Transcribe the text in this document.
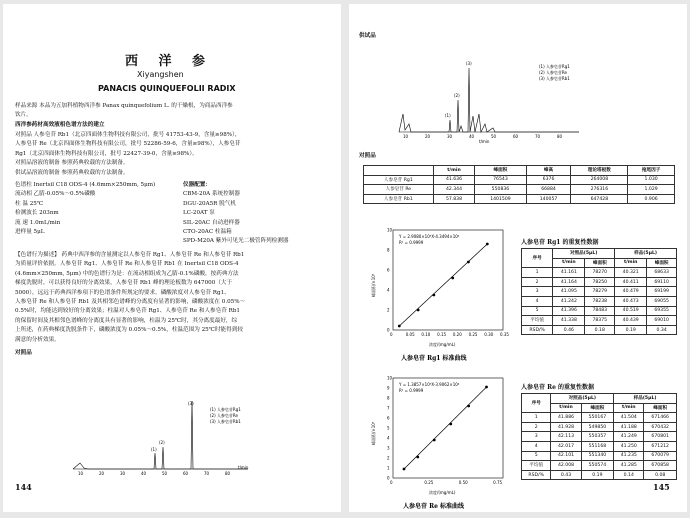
西 洋 参
Xiyangshen
PANACIS QUINQUEFOLII RADIX
样品来源 本品为五加科植物西洋参 Panax quinquefolium L. 的干燥根，为商品西洋参
饮片。
西洋参药材高效液相色谱方法的建立
对照品 人参皂苷 Rb1（北京四面体生物科技有限公司，批号 41753-43-9，含量≥98%），
人参皂苷 Re（北京四面体生物科技有限公司，批号 52286-59-6，含量≥98%），人参皂苷
Rg1（北京四面体生物科技有限公司，批号 22427-39-0，含量≥98%）。
对照品溶液的制备 参照药典收载的方法制备。
供试品溶液的制备 参照药典收载的方法制备。
色谱柱 Inertsil C18 ODS-4 (4.6mm×250mm, 5μm)
流动相 乙腈-0.05%～0.5%磷酸
柱 温 25℃
检测波长 203nm
流 速 1.0mL/min
进样量 5μL
仪器配置：
CBM-20A 系统控制器
DGU-20A5R 脱气机
LC-20AT 泵
SIL-20AC 自动进样器
CTO-20AC 柱温箱
SPD-M20A 紫外可见光二极管阵列检测器
【色谱行为描述】 药典中西洋参的含量测定以人参皂苷 Rg1、人参皂苷 Re 和人参皂苷 Rb1
为质量评价依据。人参皂苷 Rg1、人参皂苷 Re 和人参皂苷 Rb1 在 Inertsil C18 ODS-4
(4.6mm×250mm, 5μm) 中的色谱行为是：在流动相组成为乙腈-0.1%磷酸，按药典方法
梯度洗脱时，可以获得良好的分离效果，人参皂苷 Rb1 峰的理论板数为 647000（大于
5000），远远于药典西洋参项下的色谱条件所规定的要求。磷酸浓度对人参皂苷 Rg1、
人参皂苷 Re 和人参皂苷 Rb1 及其相邻色谱峰的分离度有显著的影响，磷酸浓度在 0.05%～
0.5%时，均能达到较好的分离效果；柱温对人参皂苷 Rg1、人参皂苷 Re 和人参皂苷 Rb1
的保留时间及其相邻色谱峰的分离度具有显著的影响，柱温为 25℃时，其分离度最好，综
上所述，在药典梯度洗脱条件下，磷酸浓度为 0.05%～0.5%，柱温范围为 25℃时能得到较
满意的分析效果。
对照品
(1)
(2)
(3)
(1) 人参皂苷Rg1
(2) 人参皂苷Re
(3) 人参皂苷Rb1
10	20	30	40	50	60	70	80
t/min
144
供试品
(1)
(2)
(3)
(1) 人参皂苷Rg1
(2) 人参皂苷Re
(3) 人参皂苷Rb1
10	20	30	40	50	60	70	80
t/min
对照品
	t/min	峰面积	峰高	理论塔板数	拖尾因子
人参皂苷 Rg1	41.636	76543	6376	264008	1.030
人参皂苷 Re	42.344	550836	66884	276316	1.029
人参皂苷 Rb1	57.838	1401509	140057	647428	0.906
Y = 2.9080×10⁵X-4.3494×10⁴
R² = 0.9999
峰面积/×10⁵
浓度/(mg/mL)
人参皂苷 Rg1 标准曲线
0
2
4
6
8
10
0	0.05 0.10 0.15 0.20 0.25 0.30 0.35
Y = 1.3857×10⁶X-3.9062×10⁴
R² = 0.9999
峰面积/×10⁵
浓度/(mg/mL)
人参皂苷 Re 标准曲线
0
1
2
3
4
5
6
7
8
9
10
0	0.25	0.50	0.75
人参皂苷 Rg1 的重复性数据
序号	对照品(5μL)		样品(5μL)	
	t/min	峰面积	t/min	峰面积
1	41.161	78270	40.321	68633
2	41.164	78250	40.411	69110
3	41.095	78279	40.479	69199
4	41.242	78238	40.473	69055
5	41.396	78483	40.519	69355
平均值	41.338	78375	40.439	69010
RSD/%	0.46	0.18	0.19	0.34
人参皂苷 Re 的重复性数据
序号	对照品(5μL)		样品(5μL)	
	t/min	峰面积	t/min	峰面积
1	41.886	550167	41.504	671466
2	41.928	549850	41.188	670432
3	42.113	550357	41.249	670801
4	42.017	551168	41.250	671212
5	42.101	551340	41.235	670079
平均值	42.008	550574	41.285	670858
RSD/%	0.43	0.19	0.14	0.08
145
